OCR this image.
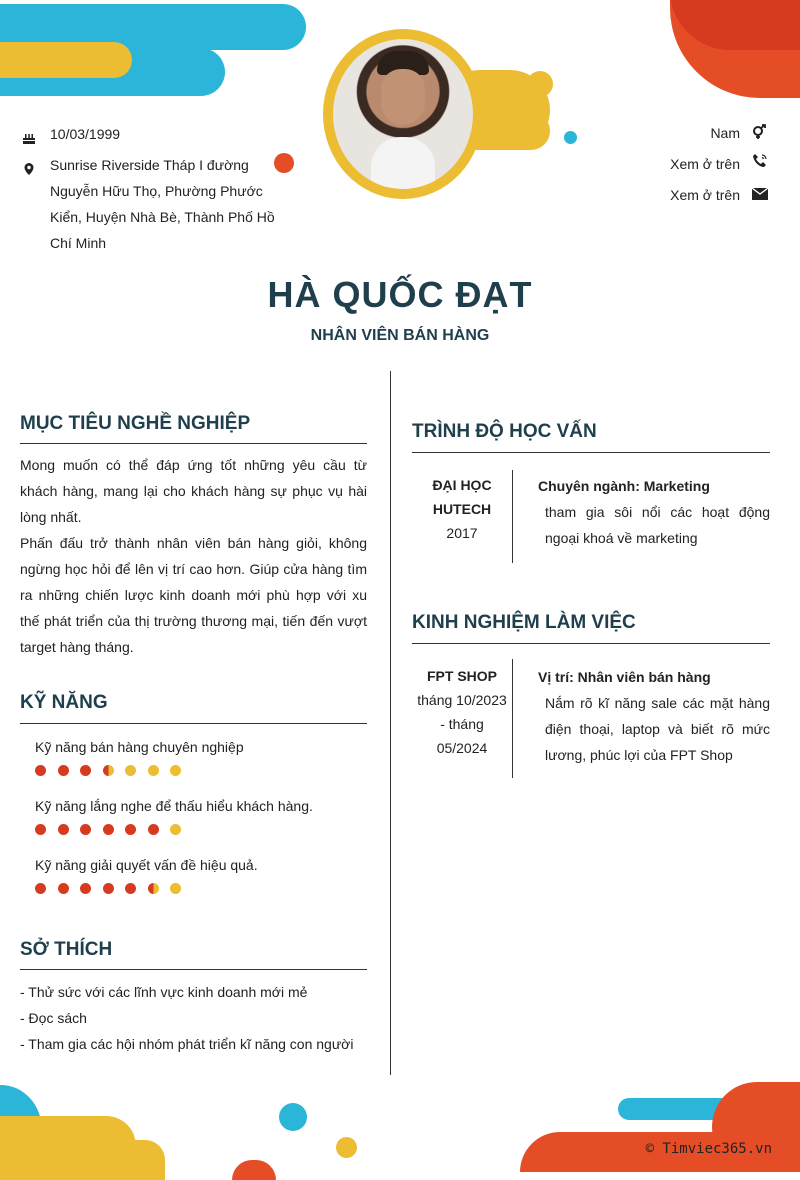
10/03/1999
Sunrise Riverside Tháp I đường
Nguyễn Hữu Thọ, Phường Phước
Kiển, Huyện Nhà Bè, Thành Phố Hồ
Chí Minh
Nam
Xem ở trên
Xem ở trên
HÀ QUỐC ĐẠT
NHÂN VIÊN BÁN HÀNG
MỤC TIÊU NGHỀ NGHIỆP
Mong muốn có thể đáp ứng tốt những yêu cầu từ khách hàng, mang lại cho khách hàng sự phục vụ hài lòng nhất.
Phấn đấu trở thành nhân viên bán hàng giỏi, không ngừng học hỏi để lên vị trí cao hơn. Giúp cửa hàng tìm ra những chiến lược kinh doanh mới phù hợp với xu thế phát triển của thị trường thương mại, tiến đến vượt target hàng tháng.
KỸ NĂNG
Kỹ năng bán hàng chuyên nghiệp
Kỹ năng lắng nghe để thấu hiểu khách hàng.
Kỹ năng giải quyết vấn đề hiệu quả.
SỞ THÍCH
- Thử sức với các lĩnh vực kinh doanh mới mẻ
- Đọc sách
- Tham gia các hội nhóm phát triển kĩ năng con người
TRÌNH ĐỘ HỌC VẤN
ĐẠI HỌC
HUTECH
2017
Chuyên ngành: Marketing
tham gia sôi nổi các hoạt động ngoại khoá về marketing
KINH NGHIỆM LÀM VIỆC
FPT SHOP
tháng 10/2023
- tháng
05/2024
Vị trí: Nhân viên bán hàng
Nắm rõ kĩ năng sale các mặt hàng điện thoại, laptop và biết rõ mức lương, phúc lợi của FPT Shop
© Timviec365.vn
